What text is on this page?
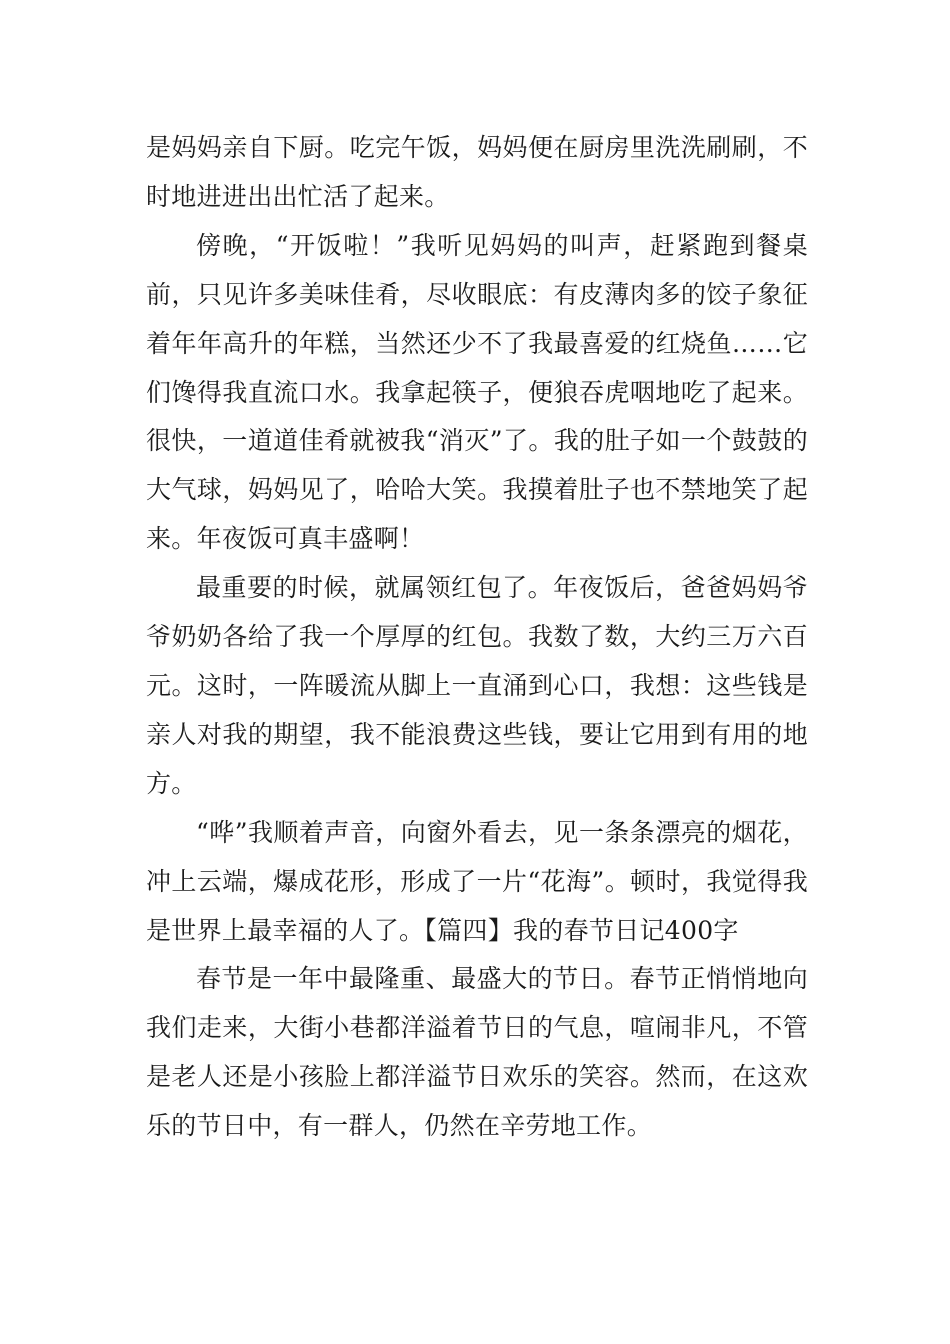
是妈妈亲自下厨。吃完午饭，妈妈便在厨房里洗洗刷刷，不时地进进出出忙活了起来。

傍晚，“开饭啦！”我听见妈妈的叫声，赶紧跑到餐桌前，只见许多美味佳肴，尽收眼底：有皮薄肉多的饺子象征着年年高升的年糕，当然还少不了我最喜爱的红烧鱼……它们馋得我直流口水。我拿起筷子，便狼吞虎咽地吃了起来。很快，一道道佳肴就被我“消灭”了。我的肚子如一个鼓鼓的大气球，妈妈见了，哈哈大笑。我摸着肚子也不禁地笑了起来。年夜饭可真丰盛啊！

最重要的时候，就属领红包了。年夜饭后，爸爸妈妈爷爷奶奶各给了我一个厚厚的红包。我数了数，大约三万六百元。这时，一阵暖流从脚上一直涌到心口，我想：这些钱是亲人对我的期望，我不能浪费这些钱，要让它用到有用的地方。

“哗”我顺着声音，向窗外看去，见一条条漂亮的烟花，冲上云端，爆成花形，形成了一片“花海”。顿时，我觉得我是世界上最幸福的人了。【篇四】我的春节日记400字

春节是一年中最隆重、最盛大的节日。春节正悄悄地向我们走来，大街小巷都洋溢着节日的气息，喧闹非凡，不管是老人还是小孩脸上都洋溢节日欢乐的笑容。然而，在这欢乐的节日中，有一群人，仍然在辛劳地工作。
